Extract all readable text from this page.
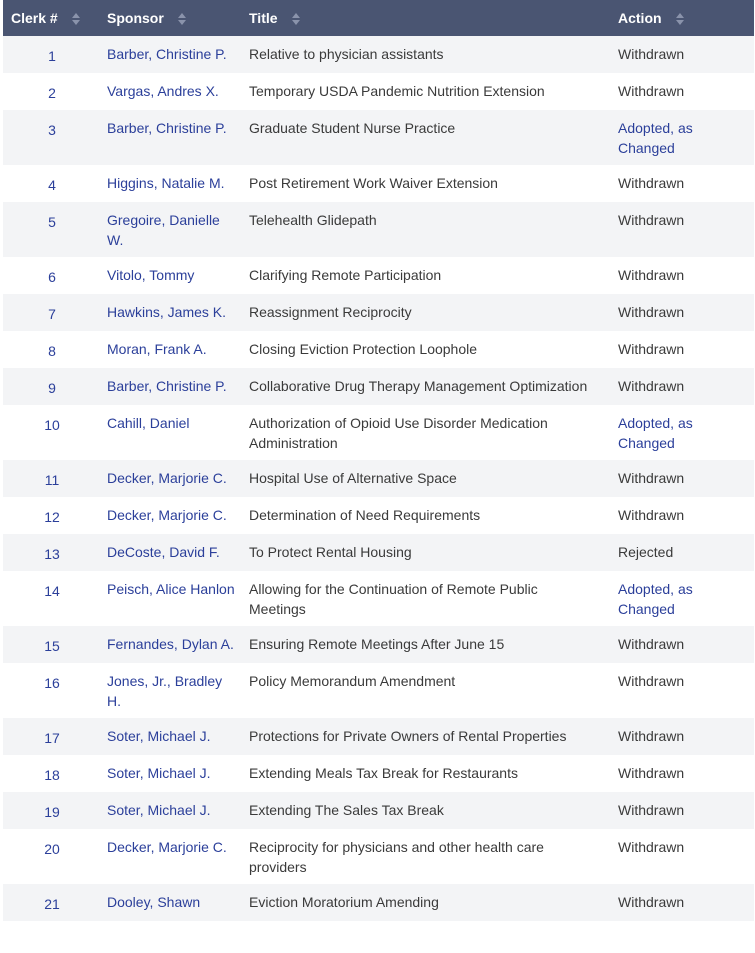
Clerk #	Sponsor	Title	Action

1	Barber, Christine P.	Relative to physician assistants	Withdrawn
2	Vargas, Andres X.	Temporary USDA Pandemic Nutrition Extension	Withdrawn
3	Barber, Christine P.	Graduate Student Nurse Practice	Adopted, as Changed
4	Higgins, Natalie M.	Post Retirement Work Waiver Extension	Withdrawn
5	Gregoire, Danielle W.	Telehealth Glidepath	Withdrawn
6	Vitolo, Tommy	Clarifying Remote Participation	Withdrawn
7	Hawkins, James K.	Reassignment Reciprocity	Withdrawn
8	Moran, Frank A.	Closing Eviction Protection Loophole	Withdrawn
9	Barber, Christine P.	Collaborative Drug Therapy Management Optimization	Withdrawn
10	Cahill, Daniel	Authorization of Opioid Use Disorder Medication Administration	Adopted, as Changed
11	Decker, Marjorie C.	Hospital Use of Alternative Space	Withdrawn
12	Decker, Marjorie C.	Determination of Need Requirements	Withdrawn
13	DeCoste, David F.	To Protect Rental Housing	Rejected
14	Peisch, Alice Hanlon	Allowing for the Continuation of Remote Public Meetings	Adopted, as Changed
15	Fernandes, Dylan A.	Ensuring Remote Meetings After June 15	Withdrawn
16	Jones, Jr., Bradley H.	Policy Memorandum Amendment	Withdrawn
17	Soter, Michael J.	Protections for Private Owners of Rental Properties	Withdrawn
18	Soter, Michael J.	Extending Meals Tax Break for Restaurants	Withdrawn
19	Soter, Michael J.	Extending The Sales Tax Break	Withdrawn
20	Decker, Marjorie C.	Reciprocity for physicians and other health care providers	Withdrawn
21	Dooley, Shawn	Eviction Moratorium Amending	Withdrawn
